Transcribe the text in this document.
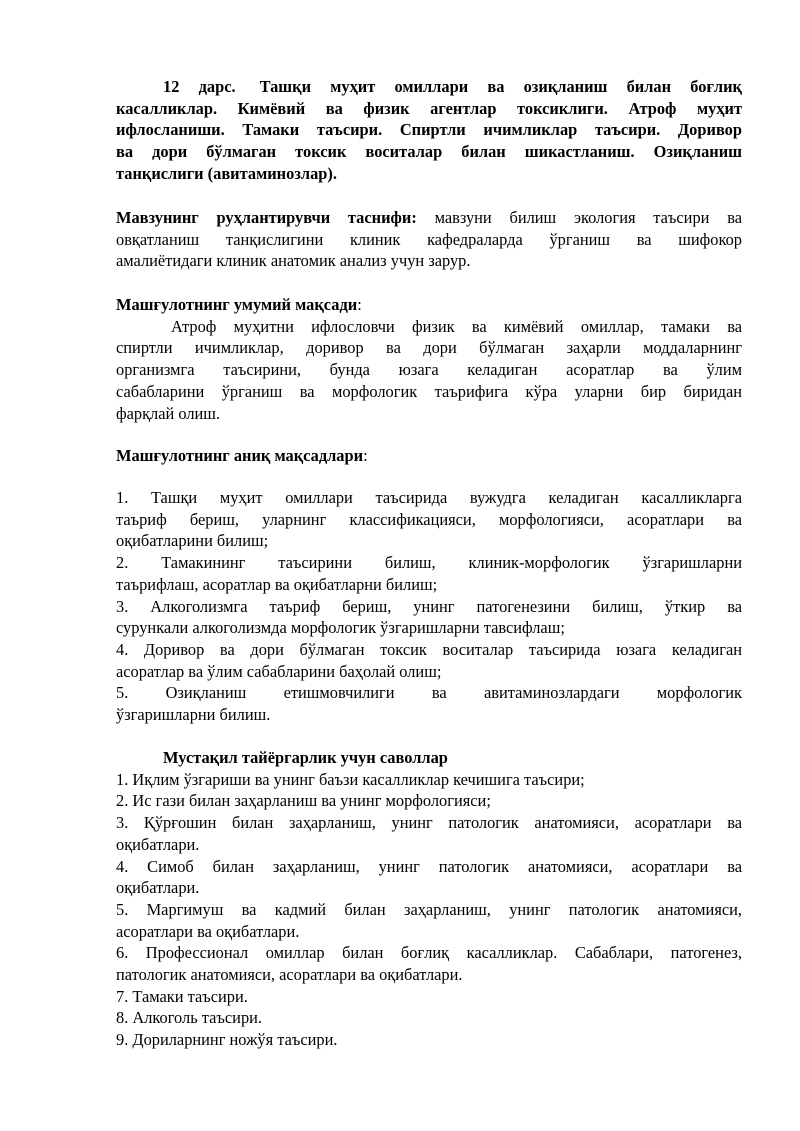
12 дарс. Ташқи муҳит омиллари ва озиқланиш билан боғлиқ

касалликлар. Кимёвий ва физик агентлар токсиклиги. Атроф муҳит

ифлосланиши. Тамаки таъсири. Спиртли ичимликлар таъсири. Доривор

ва дори бўлмаган токсик воситалар билан шикастланиш. Озиқланиш

танқислиги (авитаминозлар).

Мавзунинг руҳлантирувчи таснифи: мавзуни билиш экология таъсири ва

овқатланиш танқислигини клиник кафедраларда ўрганиш ва шифокор

амалиётидаги клиник анатомик анализ учун зарур.

Машғулотнинг умумий мақсади:

Атроф муҳитни ифлословчи физик ва кимёвий омиллар, тамаки ва

спиртли ичимликлар, доривор ва дори бўлмаган заҳарли моддаларнинг

организмга таъсирини, бунда юзага келадиган асоратлар ва ўлим

сабабларини ўрганиш ва морфологик таърифига кўра уларни бир биридан

фарқлай олиш.

Машғулотнинг аниқ мақсадлари:

1. Ташқи муҳит омиллари таъсирида вужудга келадиган касалликларга

таъриф бериш, уларнинг классификацияси, морфологияси, асоратлари ва

оқибатларини билиш;

2. Тамакининг таъсирини билиш, клиник-морфологик ўзгаришларни

таърифлаш, асоратлар ва оқибатларни билиш;

3. Алкоголизмга таъриф бериш, унинг патогенезини билиш, ўткир ва

сурункали алкоголизмда морфологик ўзгаришларни тавсифлаш;

4. Доривор ва дори бўлмаган токсик воситалар таъсирида юзага келадиган

асоратлар ва ўлим сабабларини баҳолай олиш;

5. Озиқланиш етишмовчилиги ва авитаминозлардаги морфологик

ўзгаришларни билиш.

Мустақил тайёргарлик учун саволлар

1. Иқлим ўзгариши ва унинг баъзи касалликлар кечишига таъсири;

2. Ис гази билан заҳарланиш ва унинг морфологияси;

3. Қўрғошин билан заҳарланиш, унинг патологик анатомияси, асоратлари ва

оқибатлари.

4. Симоб билан заҳарланиш, унинг патологик анатомияси, асоратлари ва

оқибатлари.

5. Маргимуш ва кадмий билан заҳарланиш, унинг патологик анатомияси,

асоратлари ва оқибатлари.

6. Профессионал омиллар билан боғлиқ касалликлар. Сабаблари, патогенез,

патологик анатомияси, асоратлари ва оқибатлари.

7. Тамаки таъсири.

8. Алкоголь таъсири.

9. Дориларнинг ножўя таъсири.
